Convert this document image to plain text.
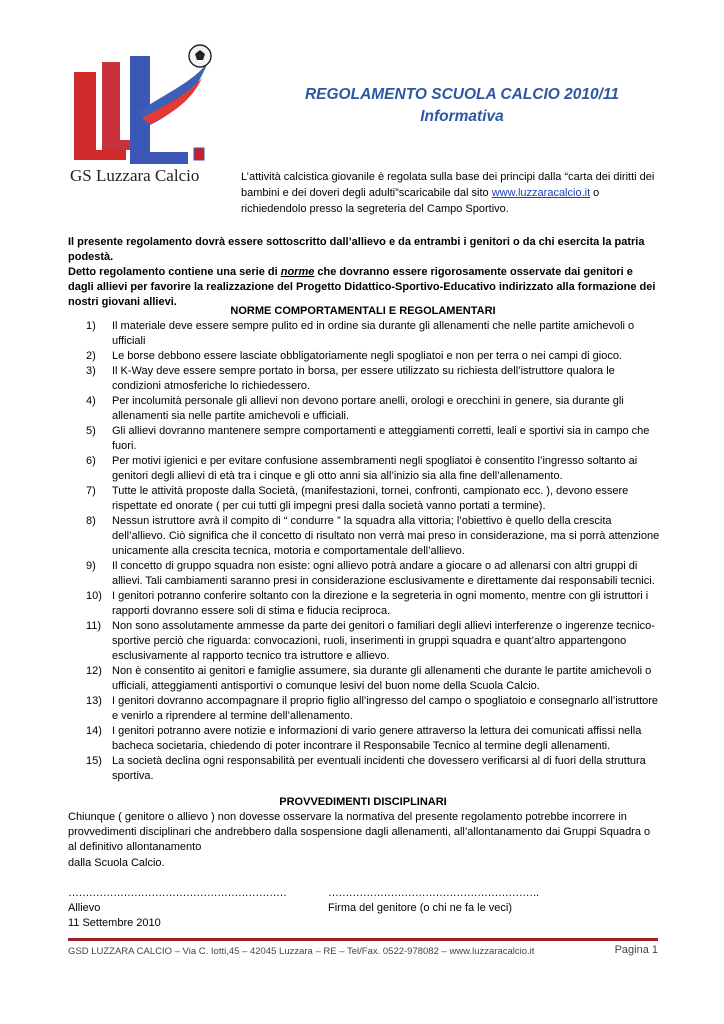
GS Luzzara Calcio
REGOLAMENTO SCUOLA CALCIO 2010/11
Informativa
L’attività calcistica giovanile è regolata sulla base dei principi dalla “carta dei diritti dei bambini e dei doveri degli adulti”scaricabile dal sito www.luzzaracalcio.it o richiedendolo presso la segreteria del Campo Sportivo.

Il presente regolamento dovrà essere sottoscritto dall’allievo e da entrambi i genitori o da chi esercita la patria podestà.

Detto regolamento contiene una serie di norme che dovranno essere rigorosamente osservate dai genitori e dagli allievi per favorire la realizzazione del Progetto Didattico-Sportivo-Educativo indirizzato alla formazione dei nostri giovani allievi.

NORME COMPORTAMENTALI E REGOLAMENTARI
1) Il materiale deve essere sempre pulito ed in ordine sia durante gli allenamenti che nelle partite amichevoli o ufficiali
2) Le borse debbono essere lasciate obbligatoriamente negli spogliatoi e non per terra o nei campi di gioco.
3) Il K-Way deve essere sempre portato in borsa, per essere utilizzato su richiesta dell’istruttore qualora le condizioni atmosferiche lo richiedessero.
4) Per incolumità personale gli allievi non devono portare anelli, orologi e orecchini in genere, sia durante gli allenamenti sia nelle partite amichevoli e ufficiali.
5) Gli allievi dovranno mantenere sempre comportamenti e atteggiamenti corretti, leali e sportivi sia in campo che fuori.
6) Per motivi igienici e per evitare confusione assembramenti negli spogliatoi è consentito l’ingresso soltanto ai genitori degli allievi di età tra i cinque e gli otto anni sia all’inizio sia alla fine dell’allenamento.
7) Tutte le attività proposte dalla Società, (manifestazioni, tornei, confronti, campionato ecc. ), devono essere rispettate ed onorate ( per cui tutti gli impegni presi dalla società vanno portati a termine).
8) Nessun istruttore avrà il compito di “ condurre ” la squadra alla vittoria; l’obiettivo è quello della crescita dell’allievo. Ciò significa che il concetto di risultato non verrà mai preso in considerazione, ma si porrà attenzione unicamente alla crescita tecnica, motoria e comportamentale dell’allievo.
9) Il concetto di gruppo squadra non esiste: ogni allievo potrà andare a giocare o ad allenarsi con altri gruppi di allievi. Tali cambiamenti saranno presi in considerazione esclusivamente e direttamente dai responsabili tecnici.
10) I genitori potranno conferire soltanto con la direzione e la segreteria in ogni momento, mentre con gli istruttori i rapporti dovranno essere soli di stima e fiducia reciproca.
11) Non sono assolutamente ammesse da parte dei genitori o familiari degli allievi interferenze o ingerenze tecnico-sportive perciò che riguarda: convocazioni, ruoli, inserimenti in gruppi squadra e quant’altro appartengono esclusivamente al rapporto tecnico tra istruttore e allievo.
12) Non è consentito ai genitori e famiglie assumere, sia durante gli allenamenti che durante le partite amichevoli o ufficiali, atteggiamenti antisportivi o comunque lesivi del buon nome della Scuola Calcio.
13) I genitori dovranno accompagnare il proprio figlio all’ingresso del campo o spogliatoio e consegnarlo all’istruttore e venirlo a riprendere al termine dell’allenamento.
14) I genitori potranno avere notizie e informazioni di vario genere attraverso la lettura dei comunicati affissi nella bacheca societaria, chiedendo di poter incontrare il Responsabile Tecnico al termine degli allenamenti.
15) La società declina ogni responsabilità per eventuali incidenti che dovessero verificarsi al di fuori della struttura sportiva.
PROVVEDIMENTI DISCIPLINARI
Chiunque ( genitore o allievo ) non dovesse osservare la normativa del presente regolamento potrebbe incorrere in provvedimenti disciplinari che andrebbero dalla sospensione dagli allenamenti, all’allontanamento dai Gruppi Squadra o al definitivo allontanamento
dalla Scuola Calcio.
………………………………………………………
Allievo
11 Settembre 2010
…………………………………………………….
Firma del genitore (o chi ne fa le veci)
GSD LUZZARA CALCIO – Via C. Iotti,45 – 42045 Luzzara – RE – Tel/Fax. 0522-978082 – www.luzzaracalcio.it	Pagina 1
